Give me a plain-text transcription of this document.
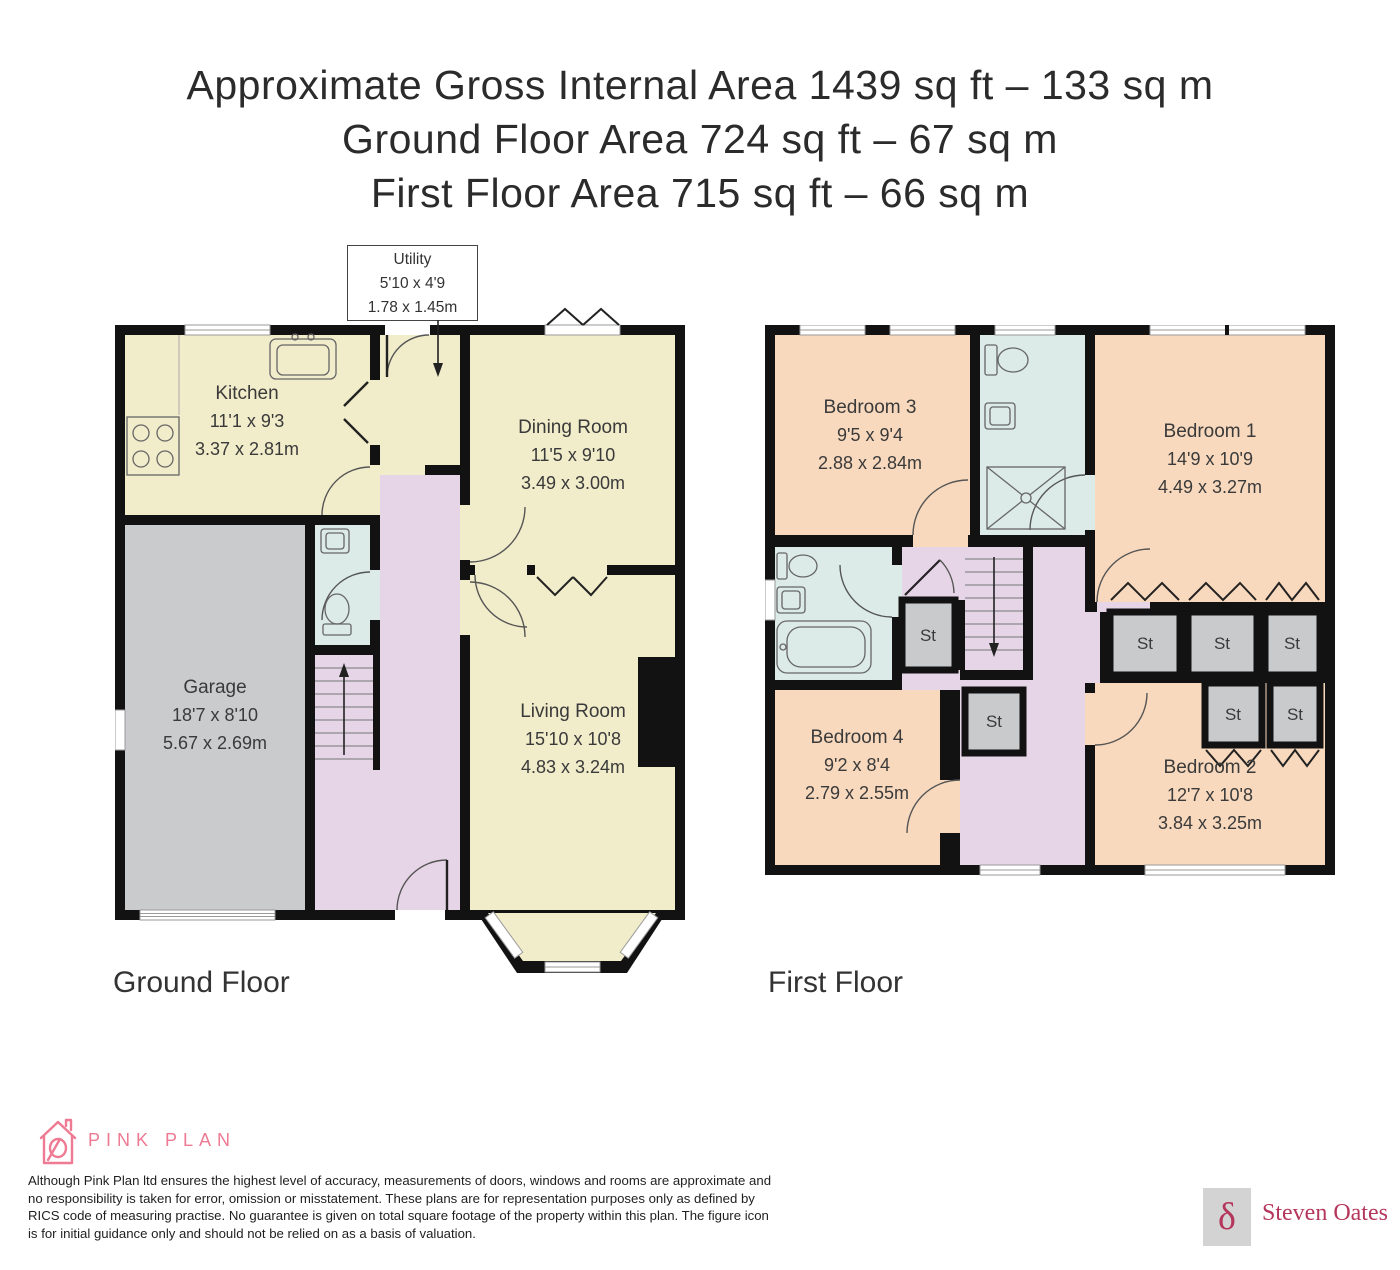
Approximate Gross Internal Area 1439 sq ft – 133 sq m
Ground Floor Area 724 sq ft – 67 sq m
First Floor Area 715 sq ft – 66 sq m
Utility
5'10 x 4'9
1.78 x 1.45m
Kitchen
11'1 x 9'3
3.37 x 2.81m
Dining Room
11'5 x 9'10
3.49 x 3.00m
Garage
18'7 x 8'10
5.67 x 2.69m
Living Room
15'10 x 10'8
4.83 x 3.24m
Bedroom 3
9'5 x 9'4
2.88 x 2.84m
Bedroom 1
14'9 x 10'9
4.49 x 3.27m
Bedroom 4
9'2 x 8'4
2.79 x 2.55m
Bedroom 2
12'7 x 10'8
3.84 x 3.25m
St	St	St
St	St
St
St
Ground Floor	First Floor
PINK PLAN
Although Pink Plan ltd ensures the highest level of accuracy, measurements of doors, windows and rooms are approximate and no responsibility is taken for error, omission or misstatement. These plans are for representation purposes only as defined by RICS code of measuring practise. No guarantee is given on total square footage of the property within this plan. The figure icon is for initial guidance only and should not be relied on as a basis of valuation.	δ Steven Oates
